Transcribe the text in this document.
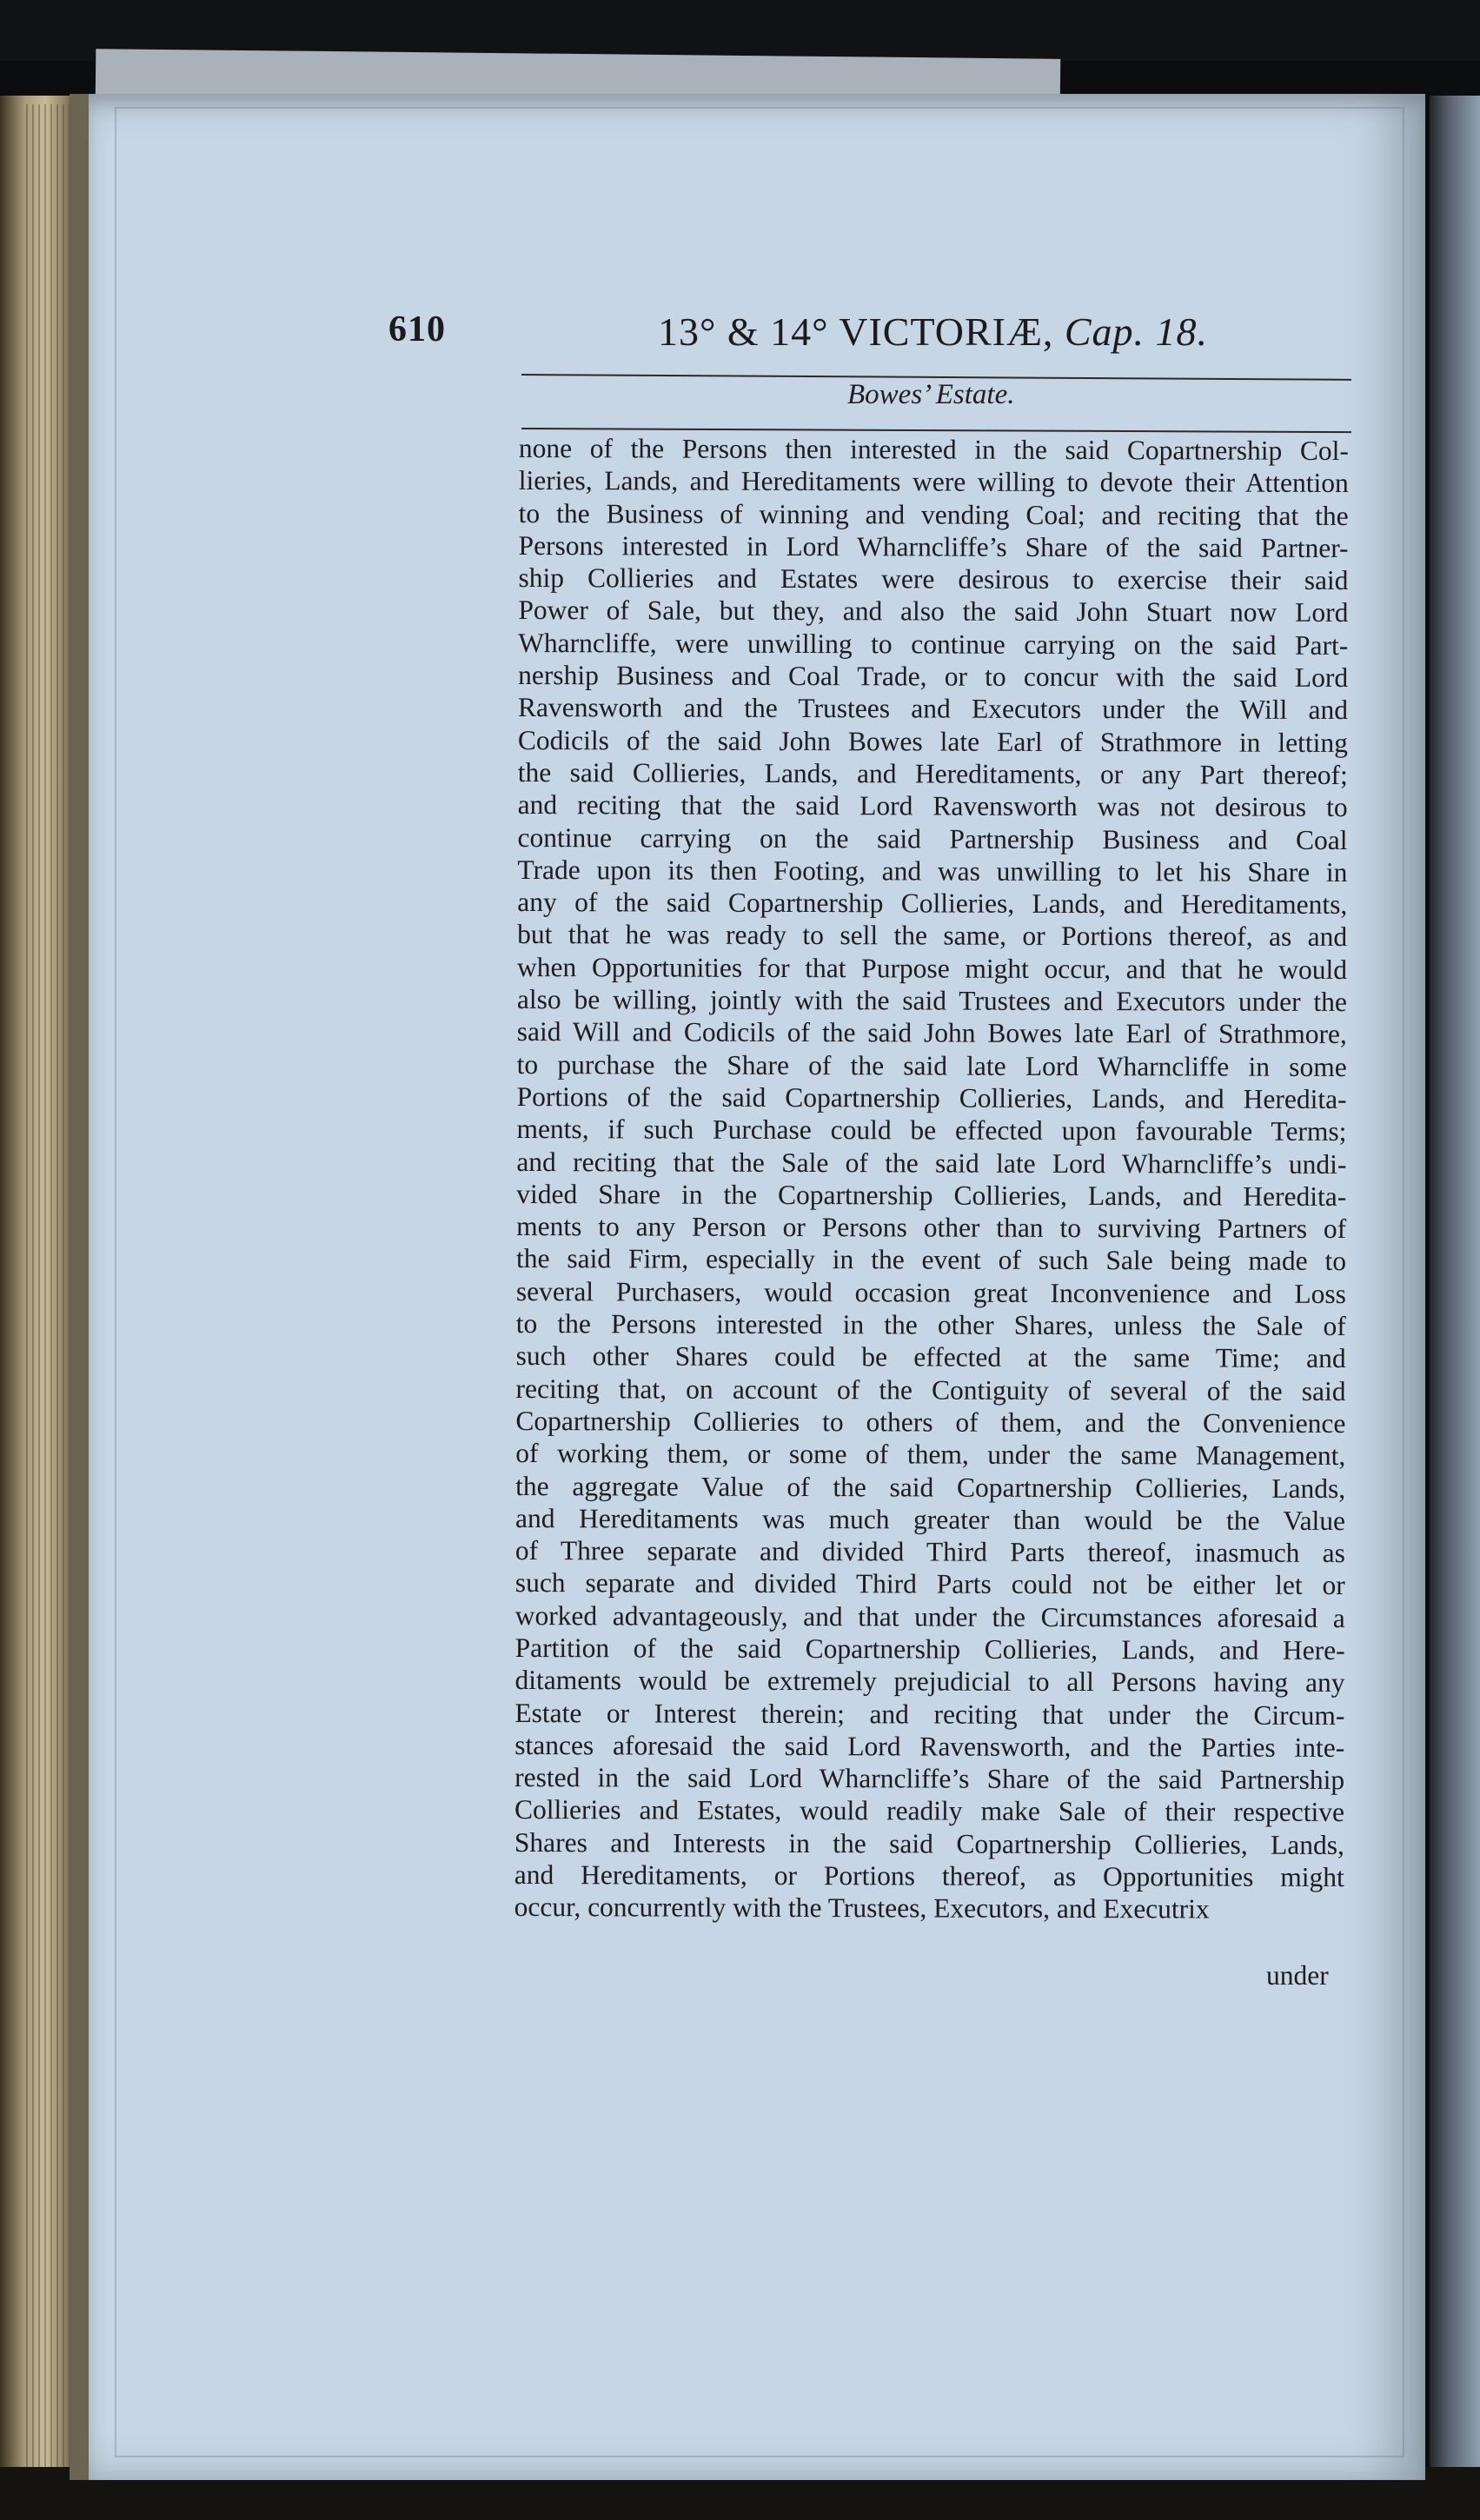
610	13° & 14° VICTORIÆ, Cap. 18.
Bowes’ Estate.
none of the Persons then interested in the said Copartnership Col-
lieries, Lands, and Hereditaments were willing to devote their Attention
to the Business of winning and vending Coal; and reciting that the
Persons interested in Lord Wharncliffe’s Share of the said Partner-
ship Collieries and Estates were desirous to exercise their said
Power of Sale, but they, and also the said John Stuart now Lord
Wharncliffe, were unwilling to continue carrying on the said Part-
nership Business and Coal Trade, or to concur with the said Lord
Ravensworth and the Trustees and Executors under the Will and
Codicils of the said John Bowes late Earl of Strathmore in letting
the said Collieries, Lands, and Hereditaments, or any Part thereof;
and reciting that the said Lord Ravensworth was not desirous to
continue carrying on the said Partnership Business and Coal
Trade upon its then Footing, and was unwilling to let his Share in
any of the said Copartnership Collieries, Lands, and Hereditaments,
but that he was ready to sell the same, or Portions thereof, as and
when Opportunities for that Purpose might occur, and that he would
also be willing, jointly with the said Trustees and Executors under the
said Will and Codicils of the said John Bowes late Earl of Strathmore,
to purchase the Share of the said late Lord Wharncliffe in some
Portions of the said Copartnership Collieries, Lands, and Heredita-
ments, if such Purchase could be effected upon favourable Terms;
and reciting that the Sale of the said late Lord Wharncliffe’s undi-
vided Share in the Copartnership Collieries, Lands, and Heredita-
ments to any Person or Persons other than to surviving Partners of
the said Firm, especially in the event of such Sale being made to
several Purchasers, would occasion great Inconvenience and Loss
to the Persons interested in the other Shares, unless the Sale of
such other Shares could be effected at the same Time; and
reciting that, on account of the Contiguity of several of the said
Copartnership Collieries to others of them, and the Convenience
of working them, or some of them, under the same Management,
the aggregate Value of the said Copartnership Collieries, Lands,
and Hereditaments was much greater than would be the Value
of Three separate and divided Third Parts thereof, inasmuch as
such separate and divided Third Parts could not be either let or
worked advantageously, and that under the Circumstances aforesaid a
Partition of the said Copartnership Collieries, Lands, and Here-
ditaments would be extremely prejudicial to all Persons having any
Estate or Interest therein; and reciting that under the Circum-
stances aforesaid the said Lord Ravensworth, and the Parties inte-
rested in the said Lord Wharncliffe’s Share of the said Partnership
Collieries and Estates, would readily make Sale of their respective
Shares and Interests in the said Copartnership Collieries, Lands,
and Hereditaments, or Portions thereof, as Opportunities might
occur, concurrently with the Trustees, Executors, and Executrix
under
